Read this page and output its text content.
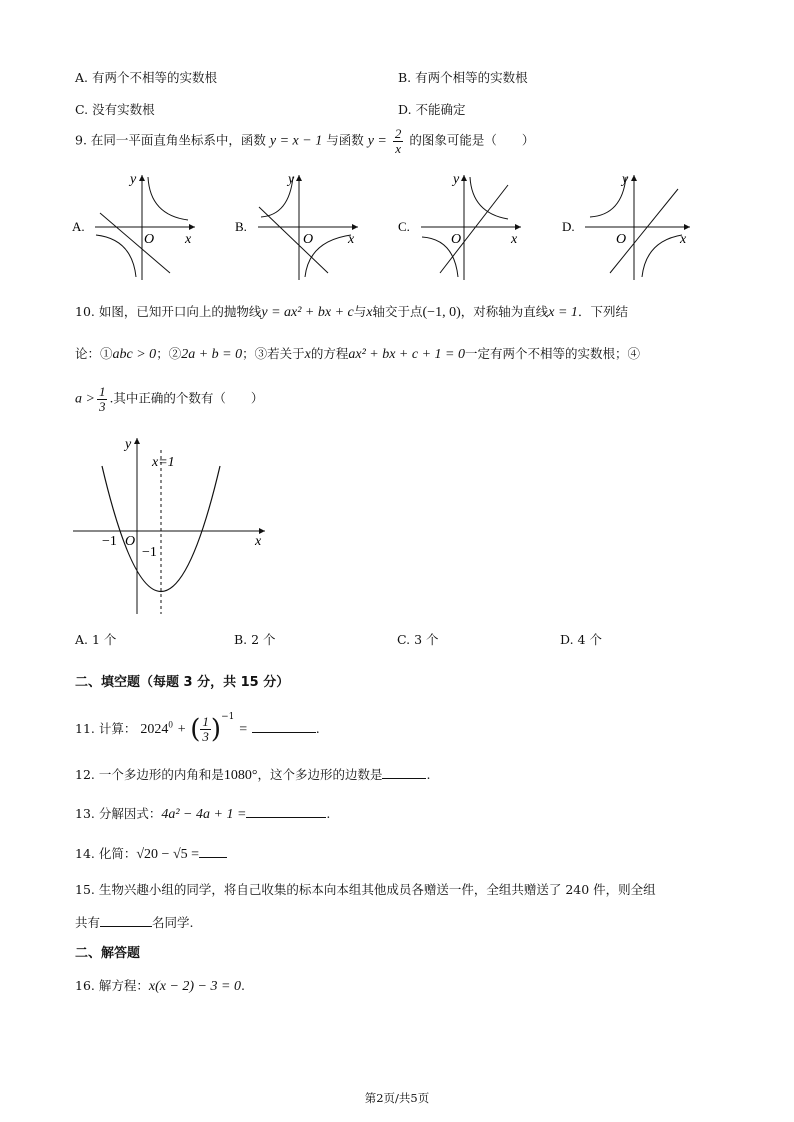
A. 有两个不相等的实数根	B. 有两个相等的实数根
C. 没有实数根	D. 不能确定
9. 在同一平面直角坐标系中，函数 y = x − 1 与函数 $y = \frac{2}{x}$ 的图象可能是（　　）
A.
x
y
O
B.
x
y
O
C.
x
y
O
D.
x
y
O
10. 如图，已知开口向上的抛物线y = ax² + bx + c与x轴交于点(−1, 0)，对称轴为直线x = 1．下列结
论：①abc > 0；②2a + b = 0；③若关于x的方程ax² + bx + c + 1 = 0一定有两个不相等的实数根；④
$a > \frac{1}{3}$ .其中正确的个数有（　　）
x=1
y
x
O
−1
−1
A. 1 个	B. 2 个	C. 3 个	D. 4 个
二、填空题（每题 3 分，共 15 分）
11. 计算： $2024^0$ + ( $\frac{1}{3} )^{-1}$ =	.
12. 一个多边形的内角和是1080°，这个多边形的边数是	.
13. 分解因式：4a² − 4a + 1 =	.
14. 化简：√20 − √5 =
15. 生物兴趣小组的同学，将自己收集的标本向本组其他成员各赠送一件，全组共赠送了 240 件，则全组
共有	名同学.
二、解答题
16. 解方程：x(x − 2) − 3 = 0.
第2页/共5页
